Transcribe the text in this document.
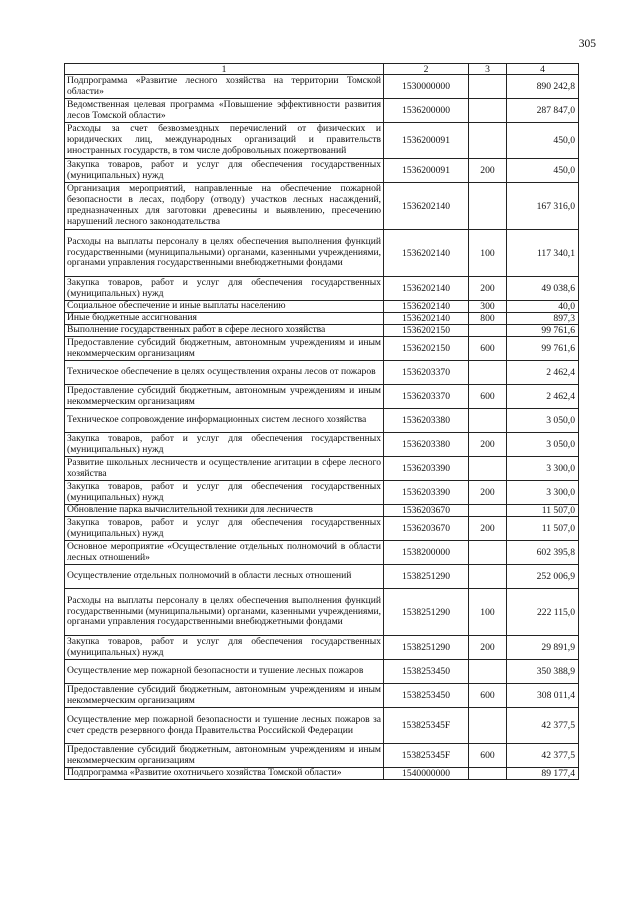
305
1	2	3	4
Подпрограмма «Развитие лесного хозяйства на территории Томской области»	1530000000		890 242,8
Ведомственная целевая программа «Повышение эффективности развития лесов Томской области»	1536200000		287 847,0
Расходы за счет безвозмездных перечислений от физических и юридических лиц, международных организаций и правительств иностранных государств, в том числе добровольных пожертвований	1536200091		450,0
Закупка товаров, работ и услуг для обеспечения государственных (муниципальных) нужд	1536200091	200	450,0
Организация мероприятий, направленные на обеспечение пожарной безопасности в лесах, подбору (отводу) участков лесных насаждений, предназначенных для заготовки древесины и выявлению, пресечению нарушений лесного законодательства	1536202140		167 316,0
Расходы на выплаты персоналу в целях обеспечения выполнения функций государственными (муниципальными) органами, казенными учреждениями, органами управления государственными внебюджетными фондами	1536202140	100	117 340,1
Закупка товаров, работ и услуг для обеспечения государственных (муниципальных) нужд	1536202140	200	49 038,6
Социальное обеспечение и иные выплаты населению	1536202140	300	40,0
Иные бюджетные ассигнования	1536202140	800	897,3
Выполнение государственных работ в сфере лесного хозяйства	1536202150		99 761,6
Предоставление субсидий бюджетным, автономным учреждениям и иным некоммерческим организациям	1536202150	600	99 761,6
Техническое обеспечение в целях осуществления охраны лесов от пожаров	1536203370		2 462,4
Предоставление субсидий бюджетным, автономным учреждениям и иным некоммерческим организациям	1536203370	600	2 462,4
Техническое сопровождение информационных систем лесного хозяйства	1536203380		3 050,0
Закупка товаров, работ и услуг для обеспечения государственных (муниципальных) нужд	1536203380	200	3 050,0
Развитие школьных лесничеств и осуществление агитации в сфере лесного хозяйства	1536203390		3 300,0
Закупка товаров, работ и услуг для обеспечения государственных (муниципальных) нужд	1536203390	200	3 300,0
Обновление парка вычислительной техники для лесничеств	1536203670		11 507,0
Закупка товаров, работ и услуг для обеспечения государственных (муниципальных) нужд	1536203670	200	11 507,0
Основное мероприятие «Осуществление отдельных полномочий в области лесных отношений»	1538200000		602 395,8
Осуществление отдельных полномочий в области лесных отношений	1538251290		252 006,9
Расходы на выплаты персоналу в целях обеспечения выполнения функций государственными (муниципальными) органами, казенными учреждениями, органами управления государственными внебюджетными фондами	1538251290	100	222 115,0
Закупка товаров, работ и услуг для обеспечения государственных (муниципальных) нужд	1538251290	200	29 891,9
Осуществление мер пожарной безопасности и тушение лесных пожаров	1538253450		350 388,9
Предоставление субсидий бюджетным, автономным учреждениям и иным некоммерческим организациям	1538253450	600	308 011,4
Осуществление мер пожарной безопасности и тушение лесных пожаров за счет средств резервного фонда Правительства Российской Федерации	153825345F		42 377,5
Предоставление субсидий бюджетным, автономным учреждениям и иным некоммерческим организациям	153825345F	600	42 377,5
Подпрограмма «Развитие охотничьего хозяйства Томской области»	1540000000		89 177,4
